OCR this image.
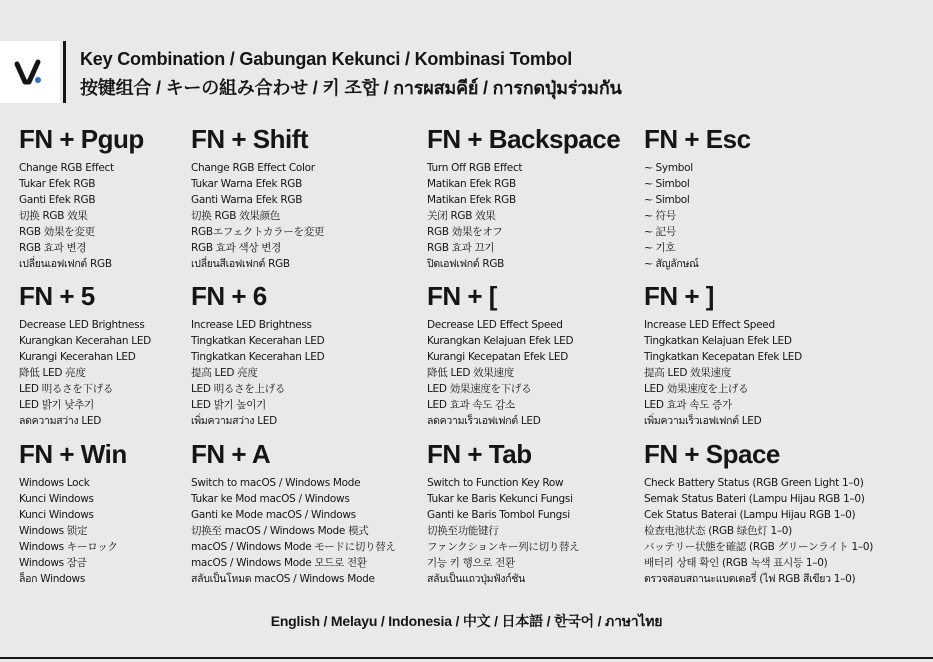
Key Combination / Gabungan Kekunci / Kombinasi Tombol
按键组合 / キーの組み合わせ / 키 조합 / การผสมคีย์ / การกดปุ่มร่วมกัน
FN + Pgup
Change RGB Effect
Tukar Efek RGB
Ganti Efek RGB
切换 RGB 效果
RGB 効果を変更
RGB 효과 변경
เปลี่ยนเอฟเฟกต์ RGB
FN + Shift
Change RGB Effect Color
Tukar Warna Efek RGB
Ganti Warna Efek RGB
切换 RGB 效果颜色
RGBエフェクトカラーを変更
RGB 효과 색상 변경
เปลี่ยนสีเอฟเฟกต์ RGB
FN + Backspace
Turn Off RGB Effect
Matikan Efek RGB
Matikan Efek RGB
关闭 RGB 效果
RGB 効果をオフ
RGB 효과 끄기
ปิดเอฟเฟกต์ RGB
FN + Esc
~ Symbol
~ Simbol
~ Simbol
~ 符号
~ 記号
~ 기호
~ สัญลักษณ์
FN + 5
Decrease LED Brightness
Kurangkan Kecerahan LED
Kurangi Kecerahan LED
降低 LED 亮度
LED 明るさを下げる
LED 밝기 낮추기
ลดความสว่าง LED
FN + 6
Increase LED Brightness
Tingkatkan Kecerahan LED
Tingkatkan Kecerahan LED
提高 LED 亮度
LED 明るさを上げる
LED 밝기 높이기
เพิ่มความสว่าง LED
FN + [
Decrease LED Effect Speed
Kurangkan Kelajuan Efek LED
Kurangi Kecepatan Efek LED
降低 LED 效果速度
LED 効果速度を下げる
LED 효과 속도 감소
ลดความเร็วเอฟเฟกต์ LED
FN + ]
Increase LED Effect Speed
Tingkatkan Kelajuan Efek LED
Tingkatkan Kecepatan Efek LED
提高 LED 效果速度
LED 効果速度を上げる
LED 효과 속도 증가
เพิ่มความเร็วเอฟเฟกต์ LED
FN + Win
Windows Lock
Kunci Windows
Kunci Windows
Windows 锁定
Windows キーロック
Windows 잠금
ล็อก Windows
FN + A
Switch to macOS / Windows Mode
Tukar ke Mod macOS / Windows
Ganti ke Mode macOS / Windows
切换至 macOS / Windows Mode 模式
macOS / Windows Mode モードに切り替え
macOS / Windows Mode 모드로 전환
สลับเป็นโหมด macOS / Windows Mode
FN + Tab
Switch to Function Key Row
Tukar ke Baris Kekunci Fungsi
Ganti ke Baris Tombol Fungsi
切换至功能键行
ファンクションキー列に切り替え
기능 키 행으로 전환
สลับเป็นแถวปุ่มฟังก์ชัน
FN + Space
Check Battery Status (RGB Green Light 1–0)
Semak Status Bateri (Lampu Hijau RGB 1–0)
Cek Status Baterai (Lampu Hijau RGB 1–0)
检查电池状态 (RGB 绿色灯 1–0)
バッテリー状態を確認 (RGB グリーンライト 1–0)
배터리 상태 확인 (RGB 녹색 표시등 1–0)
ตรวจสอบสถานะแบตเตอรี่ (ไฟ RGB สีเขียว 1–0)
English / Melayu / Indonesia / 中文 / 日本語 / 한국어 / ภาษาไทย
